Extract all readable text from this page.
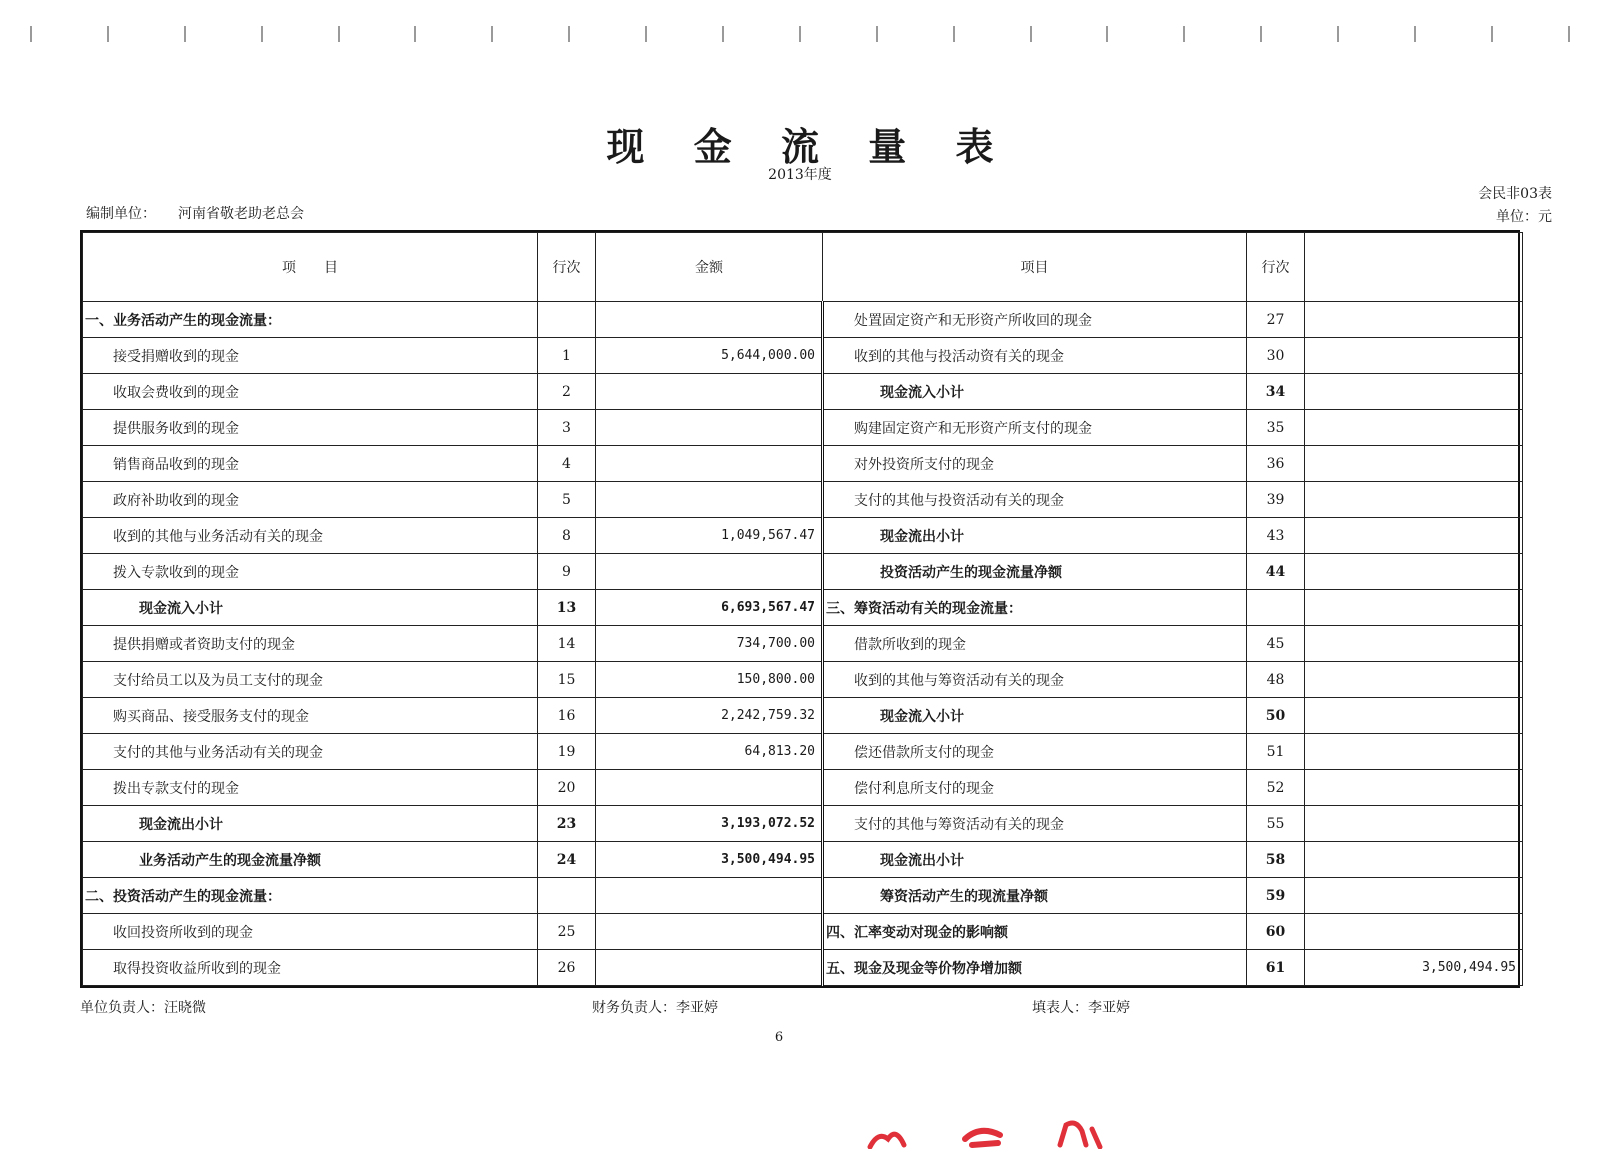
现 金 流 量 表
2013年度
会民非03表
单位：元
编制单位： 河南省敬老助老总会
项　　目	行次	金额	项目	行次	
一、业务活动产生的现金流量：			处置固定资产和无形资产所收回的现金	27	
接受捐赠收到的现金	1	5,644,000.00	收到的其他与投活动资有关的现金	30	
收取会费收到的现金	2		现金流入小计	34	
提供服务收到的现金	3		购建固定资产和无形资产所支付的现金	35	
销售商品收到的现金	4		对外投资所支付的现金	36	
政府补助收到的现金	5		支付的其他与投资活动有关的现金	39	
收到的其他与业务活动有关的现金	8	1,049,567.47	现金流出小计	43	
拨入专款收到的现金	9		投资活动产生的现金流量净额	44	
现金流入小计	13	6,693,567.47	三、筹资活动有关的现金流量：		
提供捐赠或者资助支付的现金	14	734,700.00	借款所收到的现金	45	
支付给员工以及为员工支付的现金	15	150,800.00	收到的其他与筹资活动有关的现金	48	
购买商品、接受服务支付的现金	16	2,242,759.32	现金流入小计	50	
支付的其他与业务活动有关的现金	19	64,813.20	偿还借款所支付的现金	51	
拨出专款支付的现金	20		偿付利息所支付的现金	52	
现金流出小计	23	3,193,072.52	支付的其他与筹资活动有关的现金	55	
业务活动产生的现金流量净额	24	3,500,494.95	现金流出小计	58	
二、投资活动产生的现金流量：			筹资活动产生的现流量净额	59	
收回投资所收到的现金	25		四、汇率变动对现金的影响额	60	
取得投资收益所收到的现金	26		五、现金及现金等价物净增加额	61	3,500,494.95
单位负责人：汪晓微	财务负责人：李亚婷	填表人：李亚婷
6
